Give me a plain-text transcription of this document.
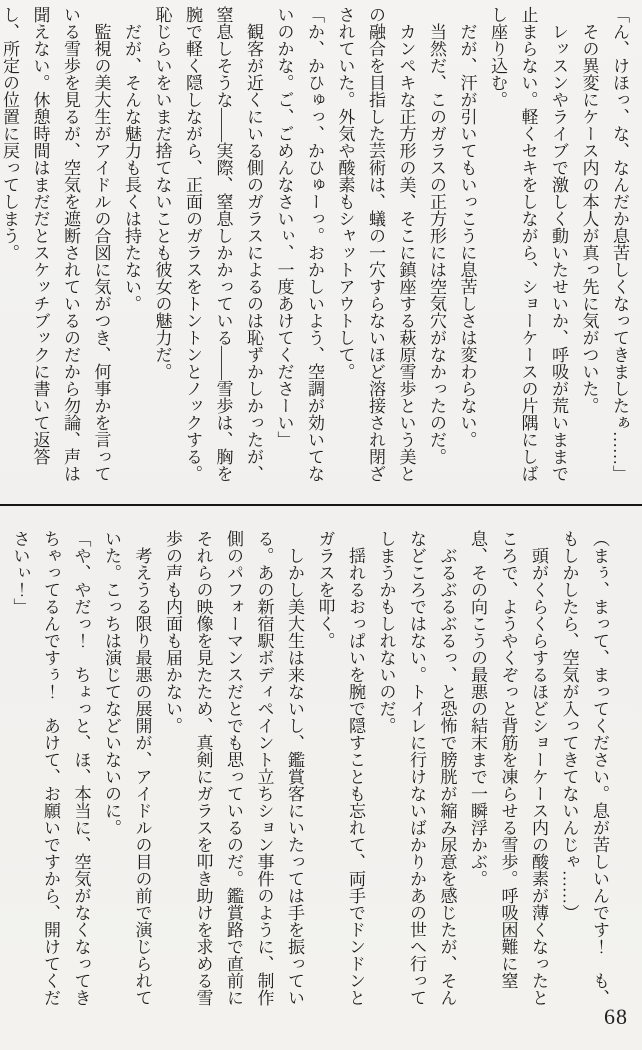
「ん、けほっ、な、なんだか息苦しくなってきましたぁ……」

その異変にケース内の本人が真っ先に気がついた。

レッスンやライブで激しく動いたせいか、呼吸が荒いままで止まらない。軽くセキをしながら、ショーケースの片隅にしばし座り込む。

だが、汗が引いてもいっこうに息苦しさは変わらない。

当然だ、このガラスの正方形には空気穴がなかったのだ。

カンペキな正方形の美、そこに鎮座する萩原雪歩という美との融合を目指した芸術は、蟻の一穴すらないほど溶接され閉ざされていた。外気や酸素もシャットアウトして。

「か、かひゅっ、かひゅーっ。おかしいよう、空調が効いてないのかな。ご、ごめんなさいぃ、一度あけてくださーい」

観客が近くにいる側のガラスによるのは恥ずかしかったが、窒息しそうな――実際、窒息しかかっている――雪歩は、胸を腕で軽く隠しながら、正面のガラスをトントンとノックする。恥じらいをいまだ捨てないことも彼女の魅力だ。

だが、そんな魅力も長くは持たない。

監視の美大生がアイドルの合図に気がつき、何事かを言っている雪歩を見るが、空気を遮断されているのだから勿論、声は聞えない。休憩時間はまだだとスケッチブックに書いて返答し、所定の位置に戻ってしまう。

（まぅ、まって、まってください。息が苦しいんです！　も、もしかしたら、空気が入ってきてないんじゃ……）

頭がくらくらするほどショーケース内の酸素が薄くなったところで、ようやくぞっと背筋を凍らせる雪歩。呼吸困難に窒息、その向こうの最悪の結末まで一瞬浮かぶ。

ぶるぶるぶるっ、と恐怖で膀胱が縮み尿意を感じたが、そんなどころではない。トイレに行けないばかりかあの世へ行ってしまうかもしれないのだ。

揺れるおっぱいを腕で隠すことも忘れて、両手でドンドンとガラスを叩く。

しかし美大生は来ないし、鑑賞客にいたっては手を振っている。あの新宿駅ボディペイント立ちション事件のように、制作側のパフォーマンスだとでも思っているのだ。鑑賞路で直前にそれらの映像を見たため、真剣にガラスを叩き助けを求める雪歩の声も内面も届かない。

考えうる限り最悪の展開が、アイドルの目の前で演じられていた。こっちは演じてなどいないのに。

「や、やだっ！　ちょっと、ほ、本当に、空気がなくなってきちゃってるんですぅ！　あけて、お願いですから、開けてくださいぃ！」

68
